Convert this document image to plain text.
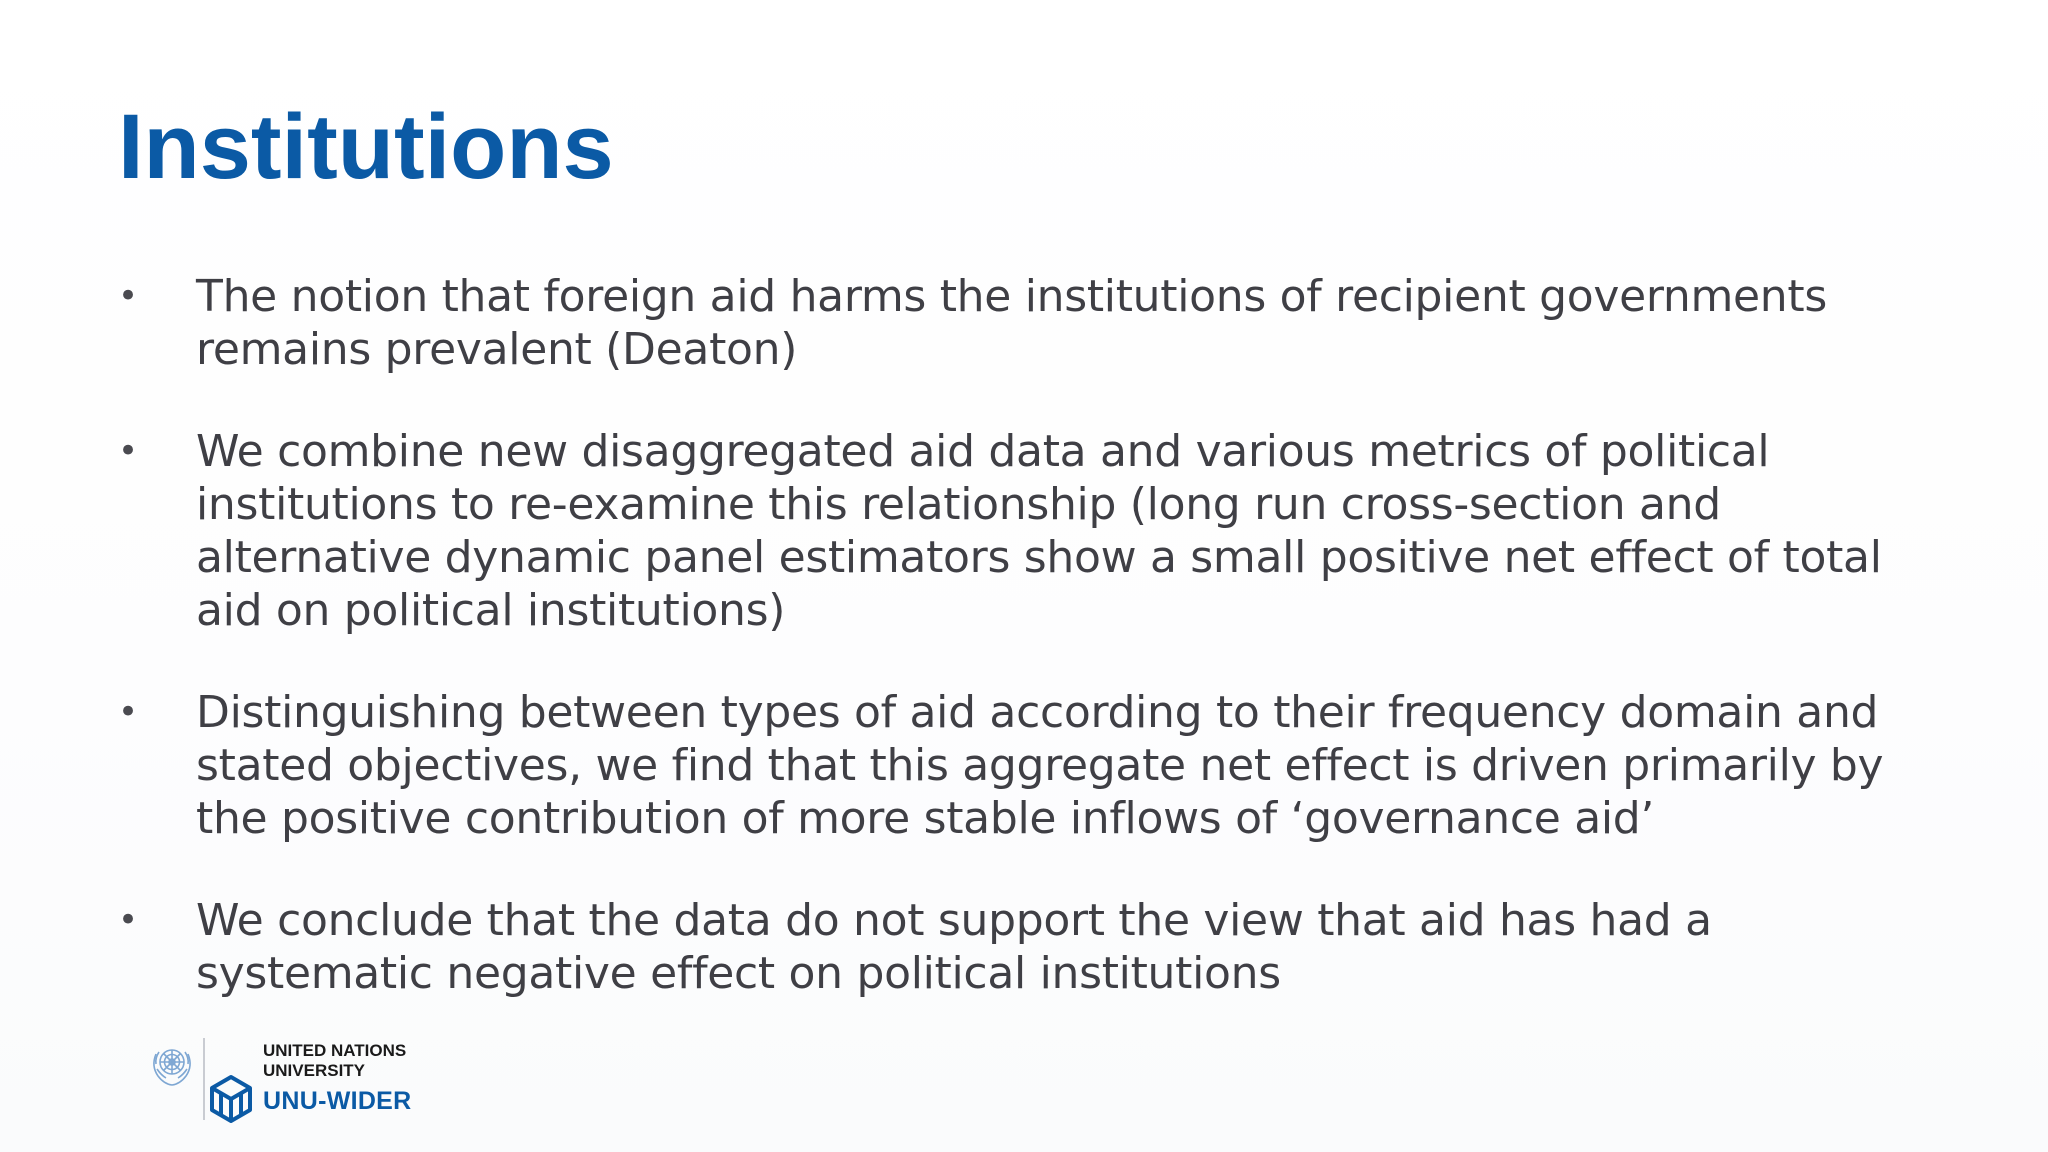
Institutions
•	The notion that foreign aid harms the institutions of recipient governments remains prevalent (Deaton)
•	We combine new disaggregated aid data and various metrics of political institutions to re-examine this relationship (long run cross-section and alternative dynamic panel estimators show a small positive net effect of total aid on political institutions)
•	Distinguishing between types of aid according to their frequency domain and stated objectives, we find that this aggregate net effect is driven primarily by the positive contribution of more stable inflows of ‘governance aid’
•	We conclude that the data do not support the view that aid has had a systematic negative effect on political institutions
UNITED NATIONS
UNIVERSITY
UNU-WIDER
